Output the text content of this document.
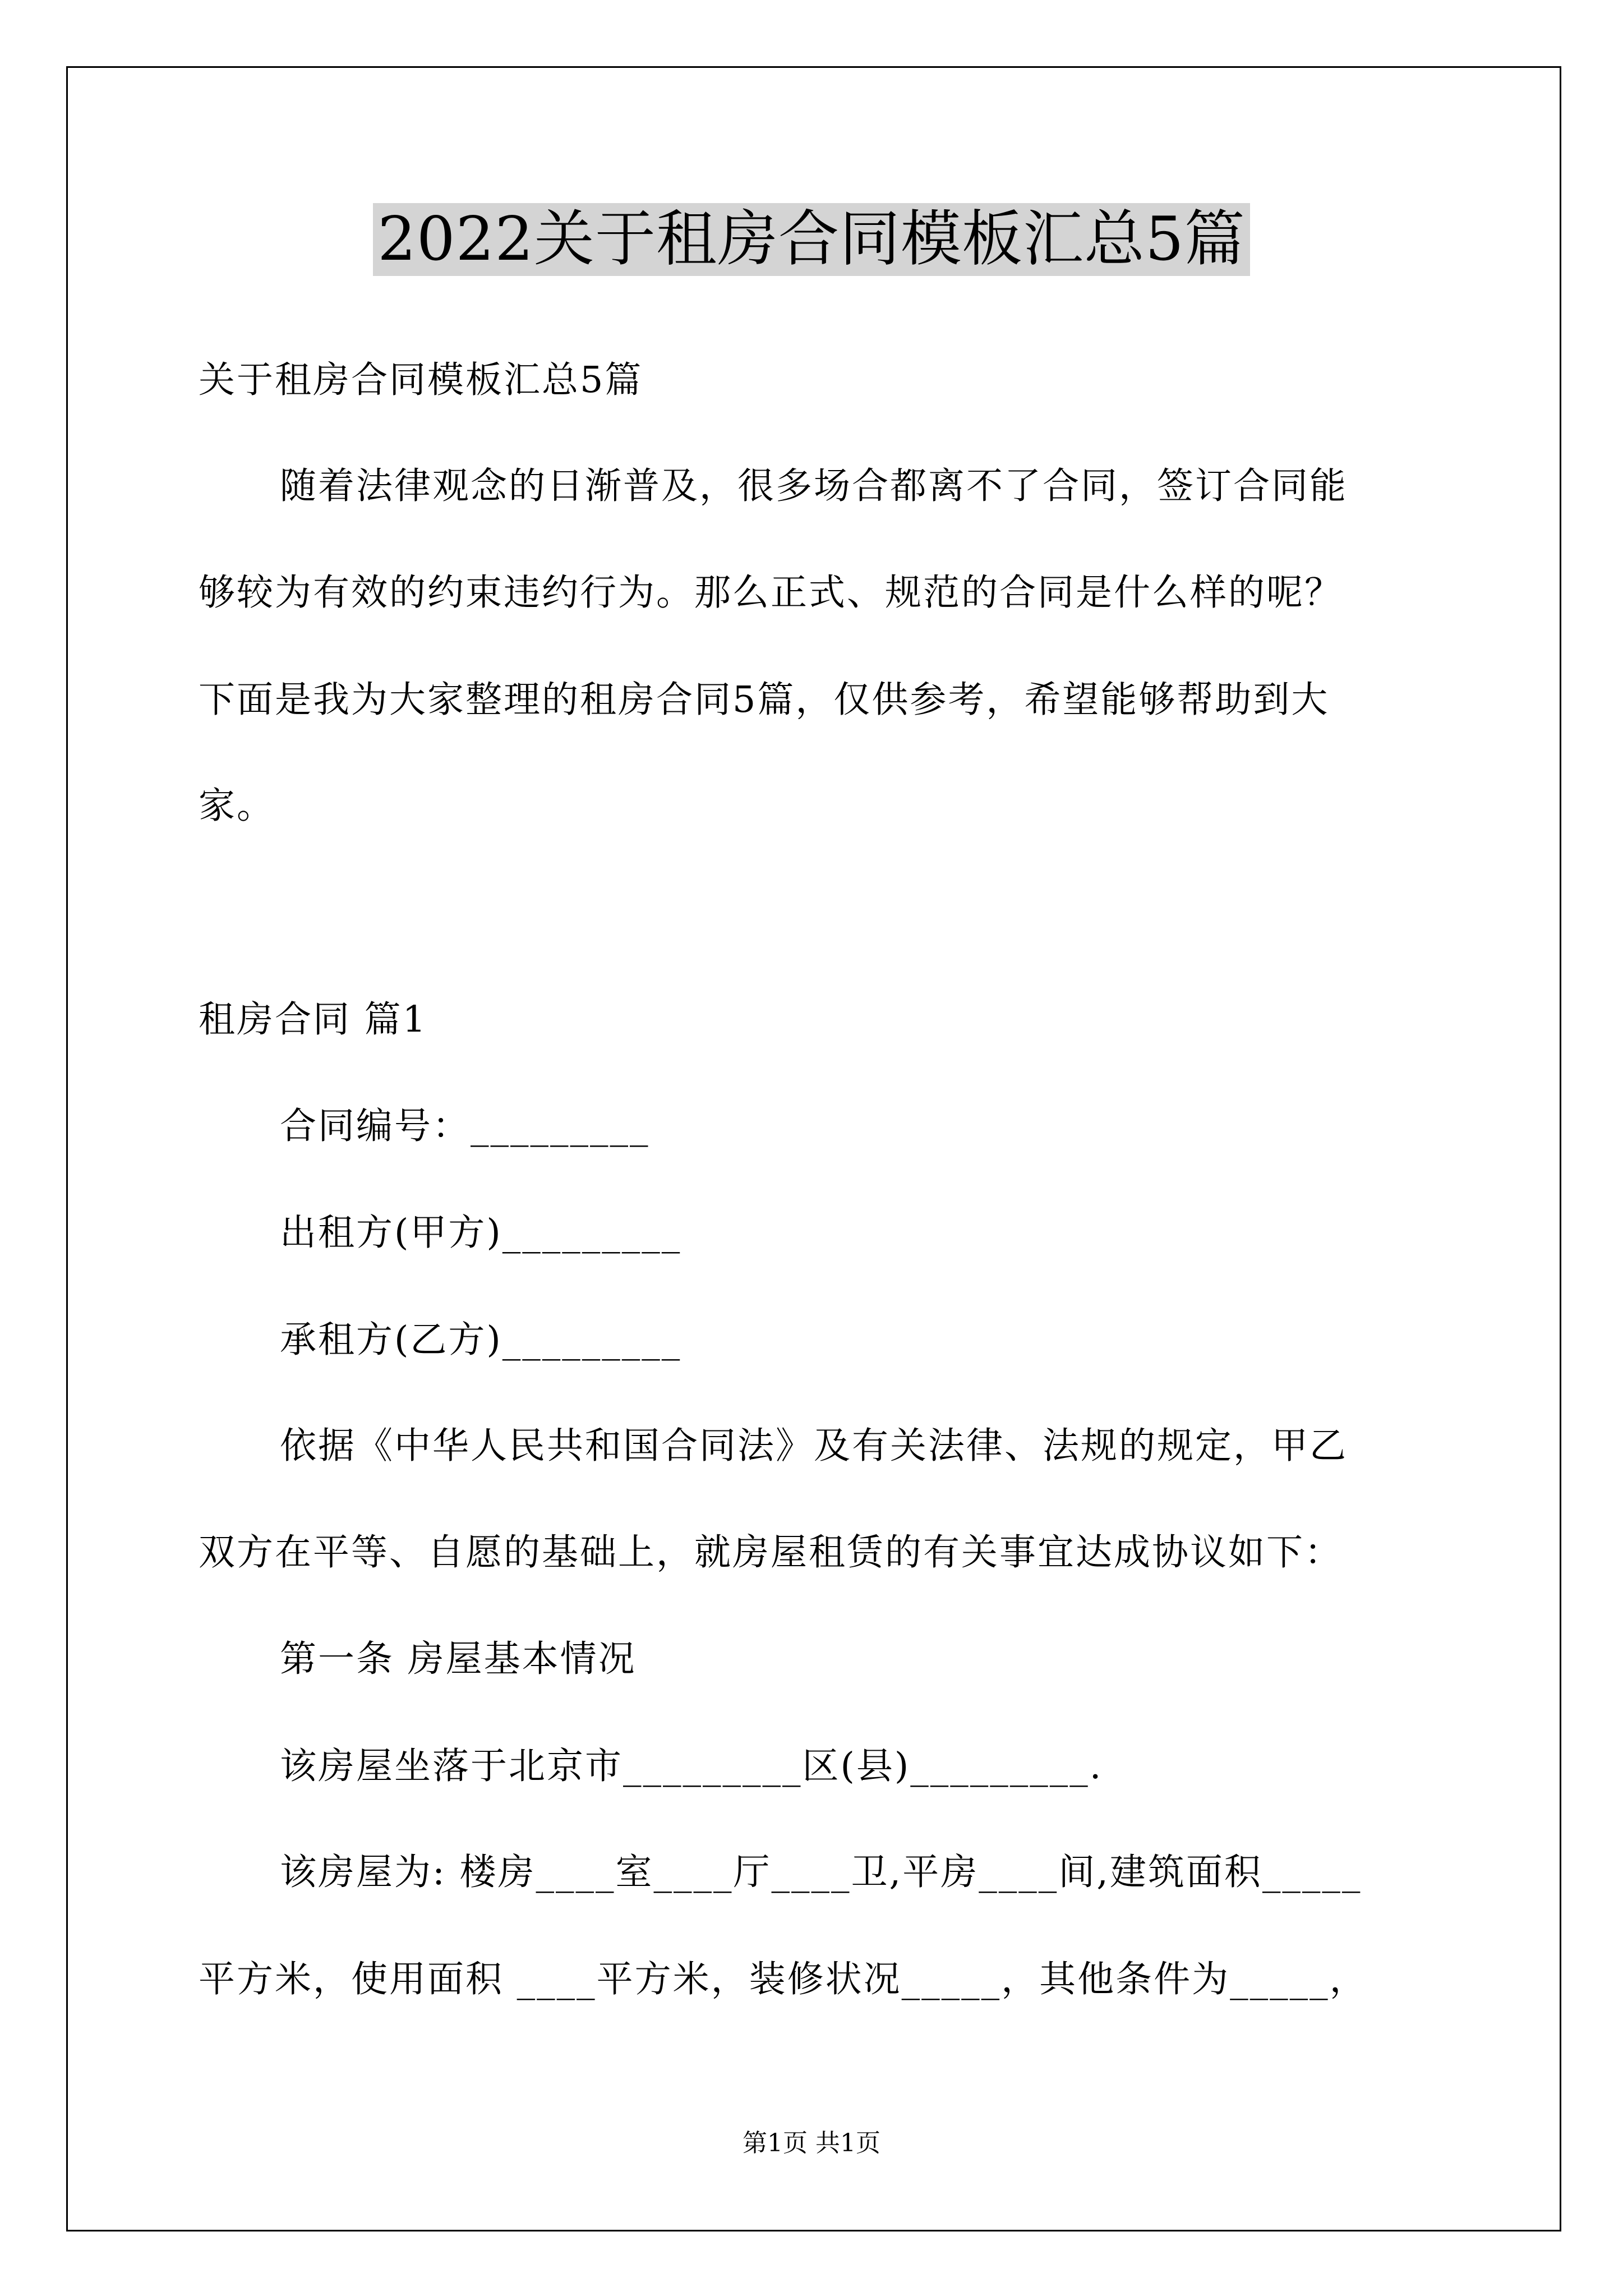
2022关于租房合同模板汇总5篇

关于租房合同模板汇总5篇

随着法律观念的日渐普及，很多场合都离不了合同，签订合同能

够较为有效的约束违约行为。那么正式、规范的合同是什么样的呢？

下面是我为大家整理的租房合同5篇，仅供参考，希望能够帮助到大

家。

租房合同 篇1

合同编号：_________

出租方(甲方)_________

承租方(乙方)_________

依据《中华人民共和国合同法》及有关法律、法规的规定，甲乙

双方在平等、自愿的基础上，就房屋租赁的有关事宜达成协议如下：

第一条 房屋基本情况

该房屋坐落于北京市_________区(县)_________.

该房屋为: 楼房____室____厅____卫,平房____间,建筑面积_____

平方米，使用面积 ____平方米，装修状况_____，其他条件为_____，

第1页 共1页
